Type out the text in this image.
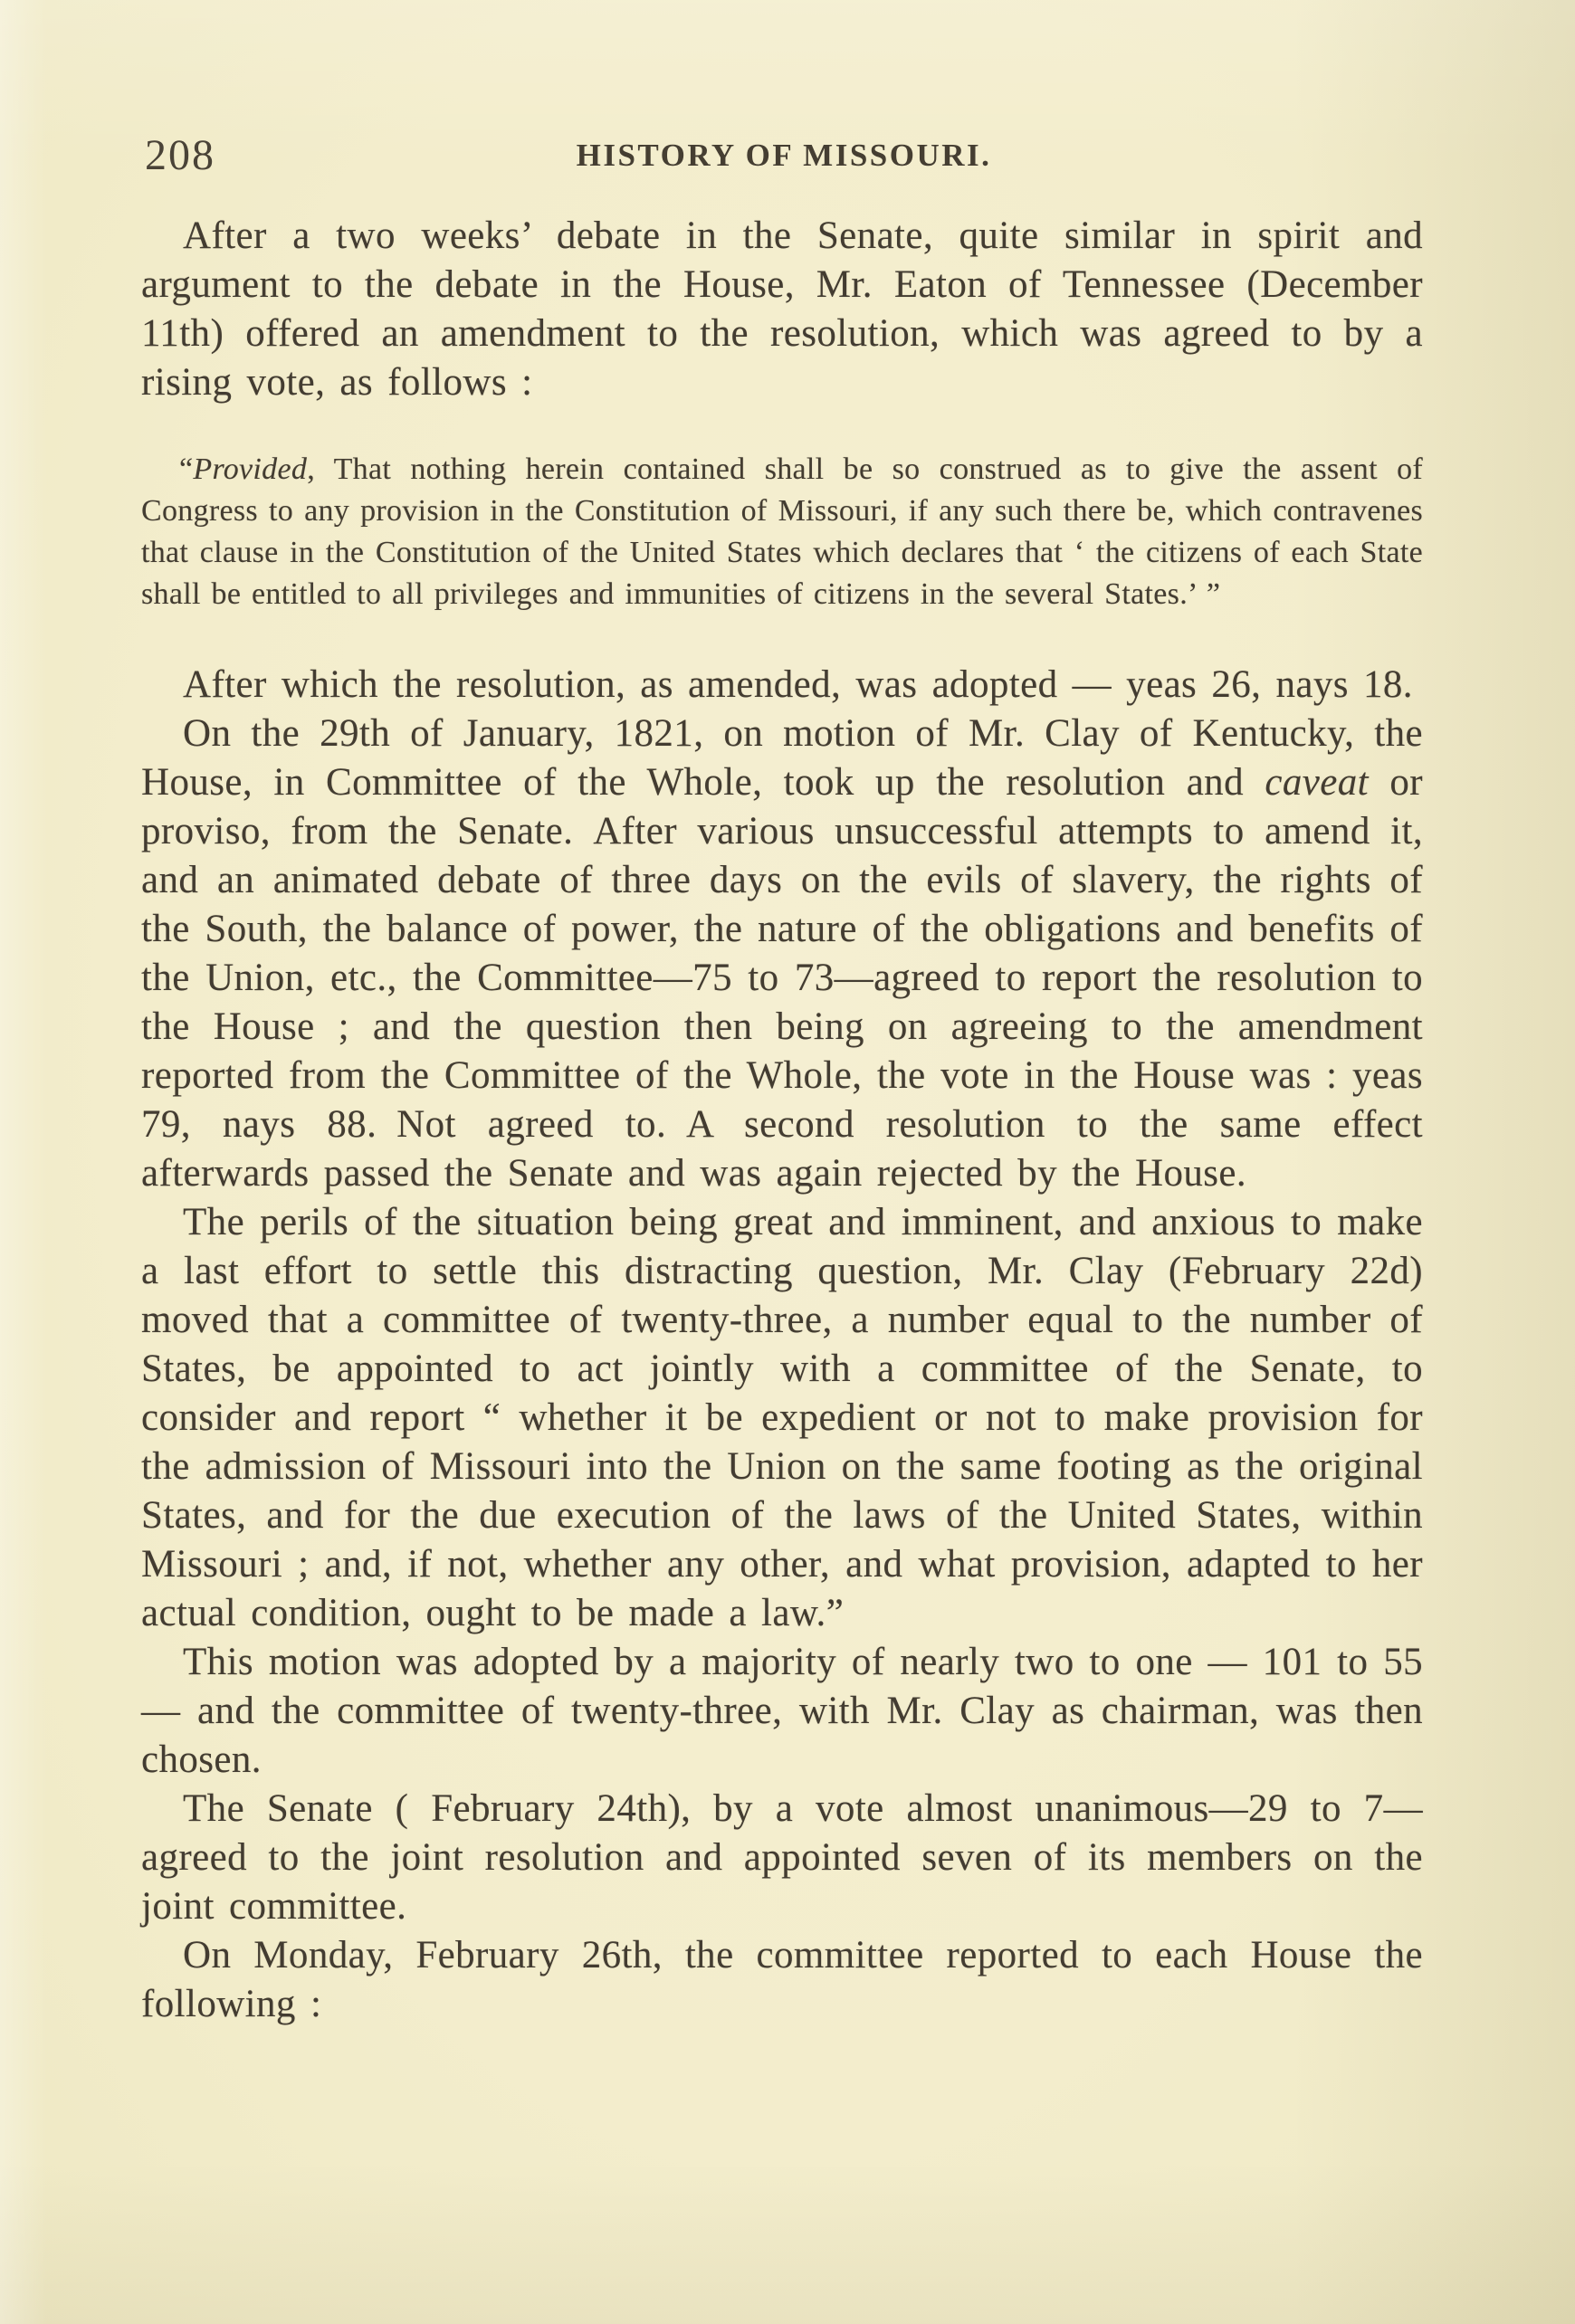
208	HISTORY OF MISSOURI.

After a two weeks’ debate in the Senate, quite similar in spirit and argument to the debate in the House, Mr. Eaton of Tennessee (December 11th) offered an amendment to the resolution, which was agreed to by a rising vote, as follows :

“Provided, That nothing herein contained shall be so construed as to give the assent of Congress to any provision in the Constitution of Missouri, if any such there be, which contravenes that clause in the Constitution of the United States which declares that ‘ the citizens of each State shall be entitled to all privileges and immunities of citizens in the several States.’ ”

After which the resolution, as amended, was adopted — yeas 26, nays 18.

On the 29th of January, 1821, on motion of Mr. Clay of Kentucky, the House, in Committee of the Whole, took up the resolution and caveat or proviso, from the Senate. After various unsuccessful attempts to amend it, and an animated debate of three days on the evils of slavery, the rights of the South, the balance of power, the nature of the obligations and benefits of the Union, etc., the Committee—75 to 73—agreed to report the resolution to the House ; and the question then being on agreeing to the amendment reported from the Committee of the Whole, the vote in the House was : yeas 79, nays 88. Not agreed to. A second resolution to the same effect afterwards passed the Senate and was again rejected by the House.

The perils of the situation being great and imminent, and anxious to make a last effort to settle this distracting question, Mr. Clay (February 22d) moved that a committee of twenty-three, a number equal to the number of States, be appointed to act jointly with a committee of the Senate, to consider and report “ whether it be expedient or not to make provision for the admission of Missouri into the Union on the same footing as the original States, and for the due execution of the laws of the United States, within Missouri ; and, if not, whether any other, and what provision, adapted to her actual condition, ought to be made a law.”

This motion was adopted by a majority of nearly two to one — 101 to 55 — and the committee of twenty-three, with Mr. Clay as chairman, was then chosen.

The Senate ( February 24th), by a vote almost unanimous—29 to 7—agreed to the joint resolution and appointed seven of its members on the joint committee.

On Monday, February 26th, the committee reported to each House the following :
